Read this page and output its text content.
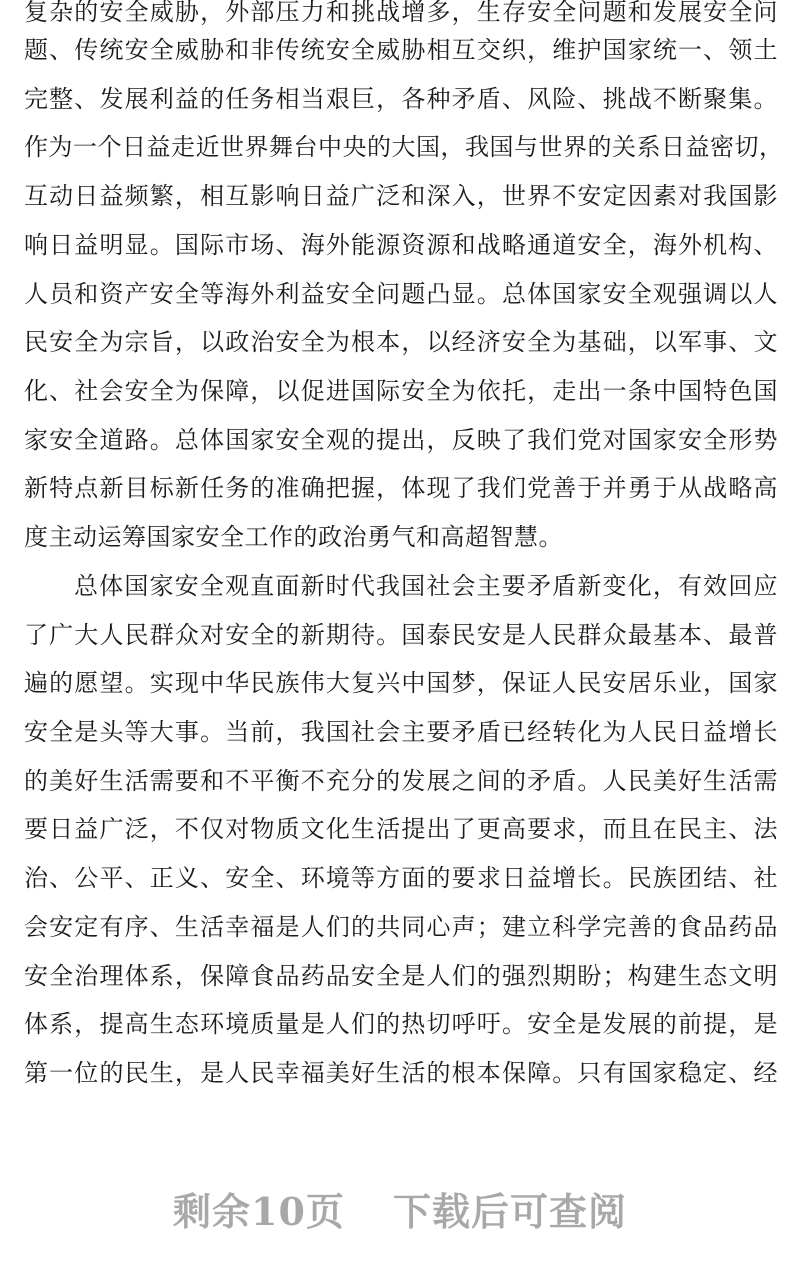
复杂的安全威胁，外部压力和挑战增多，生存安全问题和发展安全问
题、传统安全威胁和非传统安全威胁相互交织，维护国家统一、领土
完整、发展利益的任务相当艰巨，各种矛盾、风险、挑战不断聚集。
作为一个日益走近世界舞台中央的大国，我国与世界的关系日益密切，
互动日益频繁，相互影响日益广泛和深入，世界不安定因素对我国影
响日益明显。国际市场、海外能源资源和战略通道安全，海外机构、
人员和资产安全等海外利益安全问题凸显。总体国家安全观强调以人
民安全为宗旨，以政治安全为根本，以经济安全为基础，以军事、文
化、社会安全为保障，以促进国际安全为依托，走出一条中国特色国
家安全道路。总体国家安全观的提出，反映了我们党对国家安全形势
新特点新目标新任务的准确把握，体现了我们党善于并勇于从战略高
度主动运筹国家安全工作的政治勇气和高超智慧。
总体国家安全观直面新时代我国社会主要矛盾新变化，有效回应
了广大人民群众对安全的新期待。国泰民安是人民群众最基本、最普
遍的愿望。实现中华民族伟大复兴中国梦，保证人民安居乐业，国家
安全是头等大事。当前，我国社会主要矛盾已经转化为人民日益增长
的美好生活需要和不平衡不充分的发展之间的矛盾。人民美好生活需
要日益广泛，不仅对物质文化生活提出了更高要求，而且在民主、法
治、公平、正义、安全、环境等方面的要求日益增长。民族团结、社
会安定有序、生活幸福是人们的共同心声；建立科学完善的食品药品
安全治理体系，保障食品药品安全是人们的强烈期盼；构建生态文明
体系，提高生态环境质量是人们的热切呼吁。安全是发展的前提，是
第一位的民生，是人民幸福美好生活的根本保障。只有国家稳定、经
剩余10页 下载后可查阅
